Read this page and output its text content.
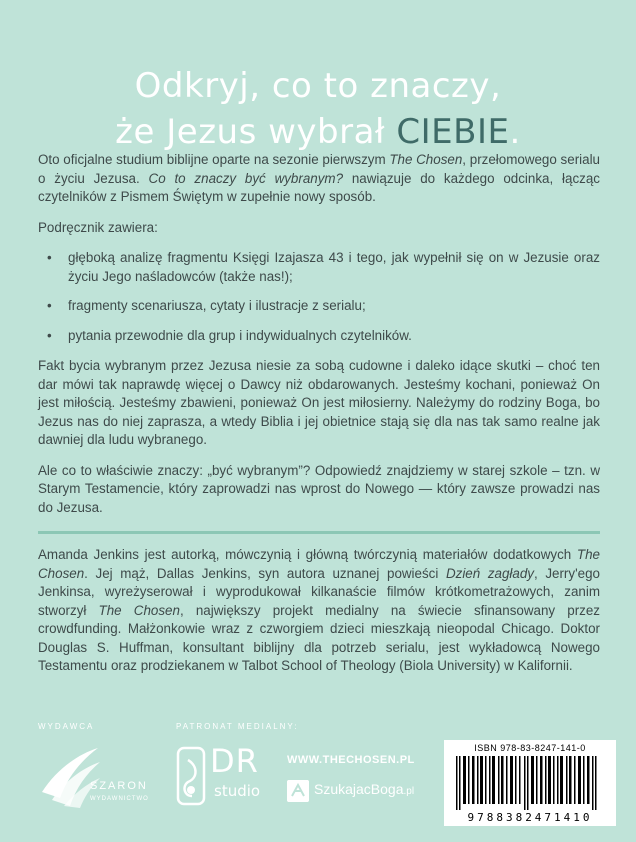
Odkryj, co to znaczy,
że Jezus wybrał CIEBIE.

Oto oficjalne studium biblijne oparte na sezonie pierwszym The Chosen, przełomowego serialu o życiu Jezusa. Co to znaczy być wybranym? nawiązuje do każdego odcinka, łącząc czytelników z Pismem Świętym w zupełnie nowy sposób.

Podręcznik zawiera:

• głęboką analizę fragmentu Księgi Izajasza 43 i tego, jak wypełnił się on w Jezusie oraz życiu Jego naśladowców (także nas!);
• fragmenty scenariusza, cytaty i ilustracje z serialu;
• pytania przewodnie dla grup i indywidualnych czytelników.

Fakt bycia wybranym przez Jezusa niesie za sobą cudowne i daleko idące skutki – choć ten dar mówi tak naprawdę więcej o Dawcy niż obdarowanych. Jesteśmy kochani, ponieważ On jest miłością. Jesteśmy zbawieni, ponieważ On jest miłosierny. Należymy do rodziny Boga, bo Jezus nas do niej zaprasza, a wtedy Biblia i jej obietnice stają się dla nas tak samo realne jak dawniej dla ludu wybranego.

Ale co to właściwie znaczy: „być wybranym”? Odpowiedź znajdziemy w starej szkole – tzn. w Starym Testamencie, który zaprowadzi nas wprost do Nowego — który zawsze prowadzi nas do Jezusa.

Amanda Jenkins jest autorką, mówczynią i główną twórczynią materiałów dodatkowych The Chosen. Jej mąż, Dallas Jenkins, syn autora uznanej powieści Dzień zagłady, Jerry'ego Jenkinsa, wyreżyserował i wyprodukował kilkanaście filmów krótkometrażowych, zanim stworzył The Chosen, największy projekt medialny na świecie sfinansowany przez crowdfunding. Małżonkowie wraz z czworgiem dzieci mieszkają nieopodal Chicago. Doktor Douglas S. Huffman, konsultant biblijny dla potrzeb serialu, jest wykładowcą Nowego Testamentu oraz prodziekanem w Talbot School of Theology (Biola University) w Kalifornii.

WYDAWCA	PATRONAT MEDIALNY:
SZARON
WYDAWNICTWO
DR
studio
WWW.THECHOSEN.PL
SzukajacBoga.pl
ISBN 978-83-8247-141-0
9788382471410
